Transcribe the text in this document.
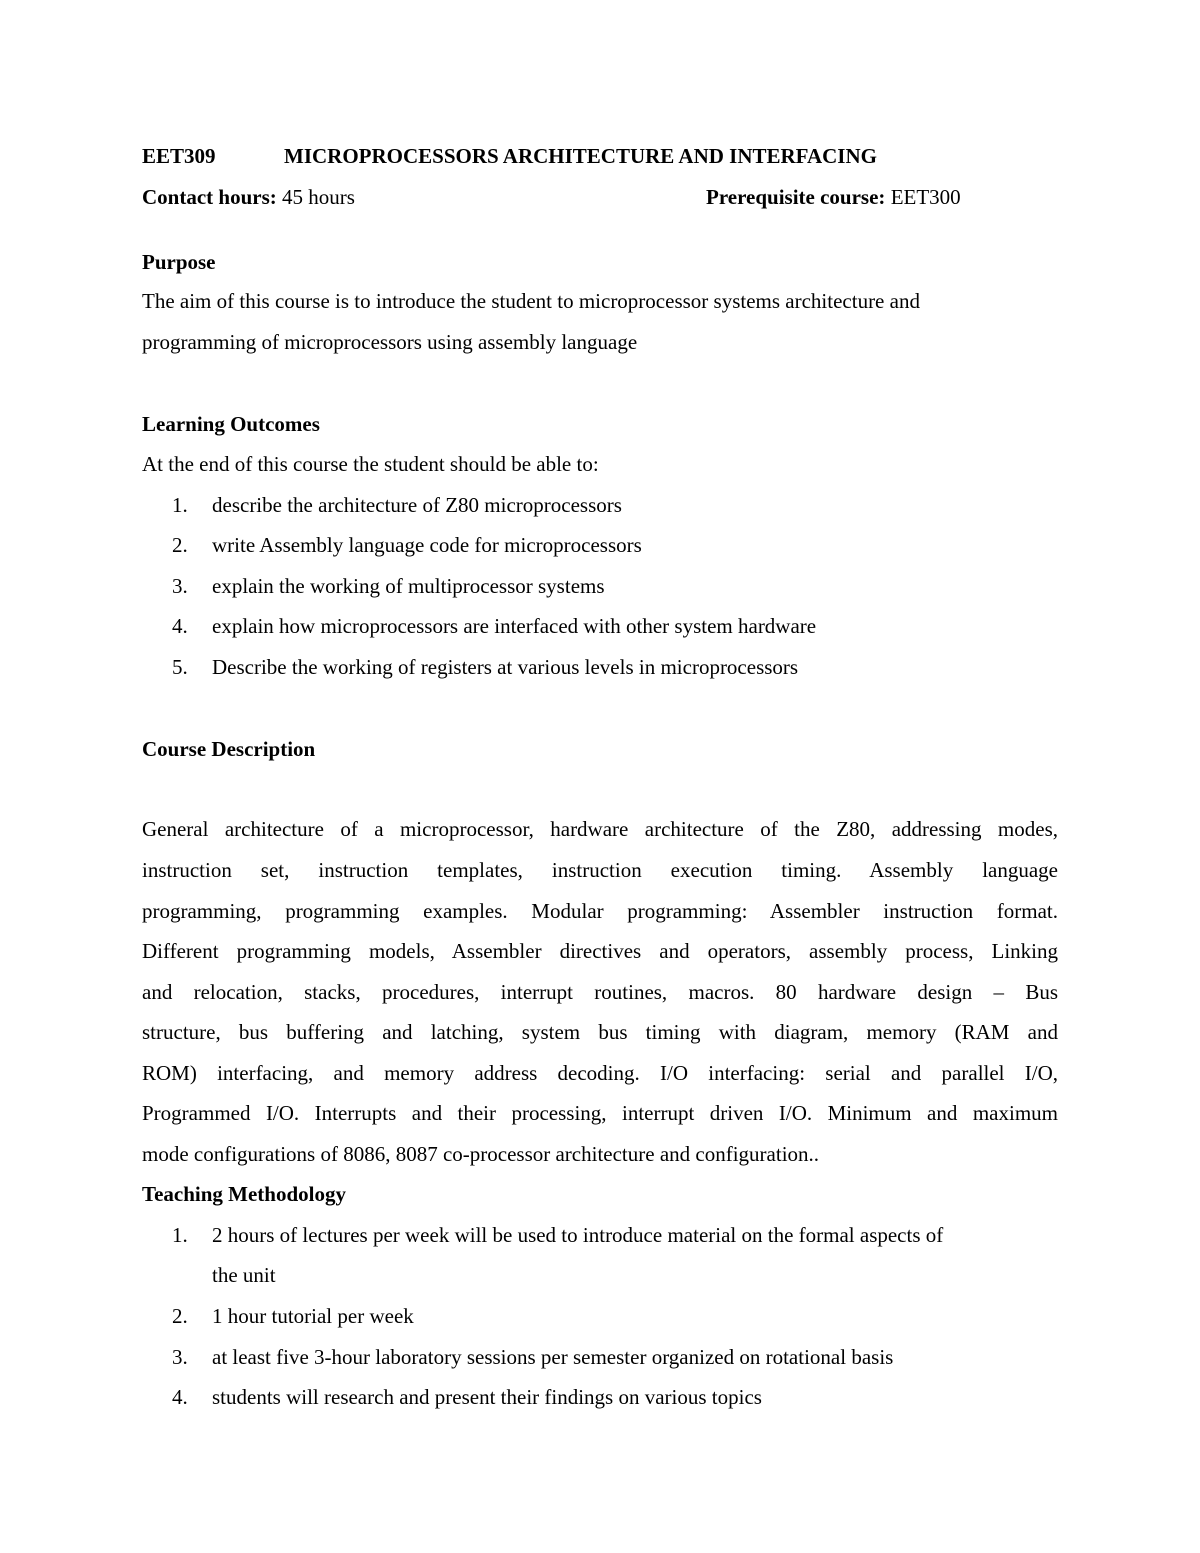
EET309	MICROPROCESSORS ARCHITECTURE AND INTERFACING
Contact hours: 45 hours	Prerequisite course: EET300
Purpose
The aim of this course is to introduce the student to microprocessor systems architecture and
programming of microprocessors using assembly language
Learning Outcomes
At the end of this course the student should be able to:
1.	describe the architecture of Z80 microprocessors
2.	write Assembly language code for microprocessors
3.	explain the working of multiprocessor systems
4.	explain how microprocessors are interfaced with other system hardware
5.	Describe the working of registers at various levels in microprocessors
Course Description
General architecture of a microprocessor, hardware architecture of the Z80, addressing modes,
instruction set, instruction templates, instruction execution timing. Assembly language
programming, programming examples. Modular programming: Assembler instruction format.
Different programming models, Assembler directives and operators, assembly process, Linking
and relocation, stacks, procedures, interrupt routines, macros. 80 hardware design – Bus
structure, bus buffering and latching, system bus timing with diagram, memory (RAM and
ROM) interfacing, and memory address decoding. I/O interfacing: serial and parallel I/O,
Programmed I/O. Interrupts and their processing, interrupt driven I/O. Minimum and maximum
mode configurations of 8086, 8087 co-processor architecture and configuration..
Teaching Methodology
1.	2 hours of lectures per week will be used to introduce material on the formal aspects of
the unit
2.	1 hour tutorial per week
3.	at least five 3-hour laboratory sessions per semester organized on rotational basis
4.	students will research and present their findings on various topics
